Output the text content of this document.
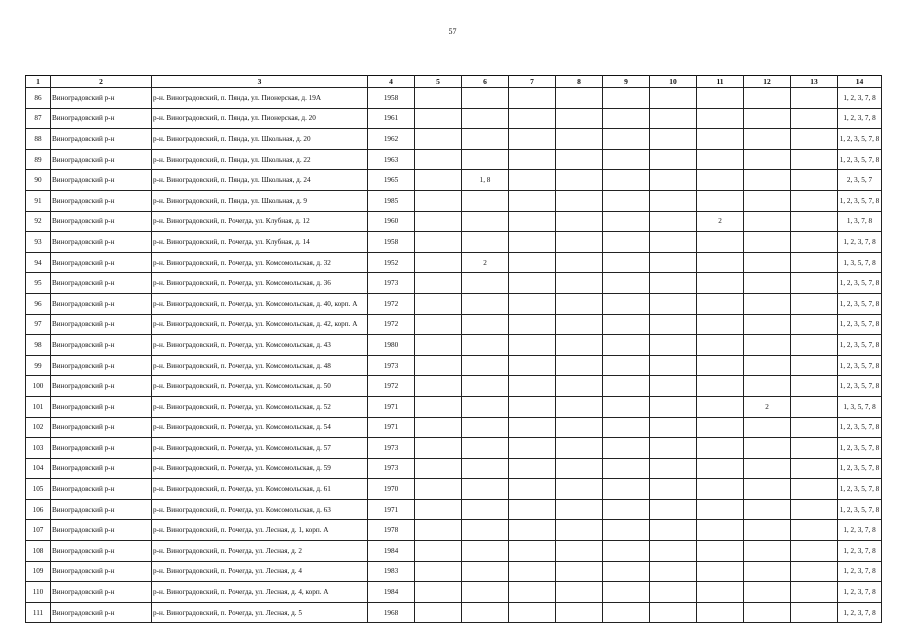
57
1	2	3	4	5	6	7	8	9	10	11	12	13	14
86	Виноградовский р-н	р-н. Виноградовский, п. Пянда, ул. Пионерская, д. 19А	1958										1, 2, 3, 7, 8
87	Виноградовский р-н	р-н. Виноградовский, п. Пянда, ул. Пионерская, д. 20	1961										1, 2, 3, 7, 8
88	Виноградовский р-н	р-н. Виноградовский, п. Пянда, ул. Школьная, д. 20	1962										1, 2, 3, 5, 7, 8
89	Виноградовский р-н	р-н. Виноградовский, п. Пянда, ул. Школьная, д. 22	1963										1, 2, 3, 5, 7, 8
90	Виноградовский р-н	р-н. Виноградовский, п. Пянда, ул. Школьная, д. 24	1965		1, 8								2, 3, 5, 7
91	Виноградовский р-н	р-н. Виноградовский, п. Пянда, ул. Школьная, д. 9	1985										1, 2, 3, 5, 7, 8
92	Виноградовский р-н	р-н. Виноградовский, п. Рочегда, ул. Клубная, д. 12	1960							2			1, 3, 7, 8
93	Виноградовский р-н	р-н. Виноградовский, п. Рочегда, ул. Клубная, д. 14	1958										1, 2, 3, 7, 8
94	Виноградовский р-н	р-н. Виноградовский, п. Рочегда, ул. Комсомольская, д. 32	1952		2								1, 3, 5, 7, 8
95	Виноградовский р-н	р-н. Виноградовский, п. Рочегда, ул. Комсомольская, д. 36	1973										1, 2, 3, 5, 7, 8
96	Виноградовский р-н	р-н. Виноградовский, п. Рочегда, ул. Комсомольская, д. 40, корп. А	1972										1, 2, 3, 5, 7, 8
97	Виноградовский р-н	р-н. Виноградовский, п. Рочегда, ул. Комсомольская, д. 42, корп. А	1972										1, 2, 3, 5, 7, 8
98	Виноградовский р-н	р-н. Виноградовский, п. Рочегда, ул. Комсомольская, д. 43	1980										1, 2, 3, 5, 7, 8
99	Виноградовский р-н	р-н. Виноградовский, п. Рочегда, ул. Комсомольская, д. 48	1973										1, 2, 3, 5, 7, 8
100	Виноградовский р-н	р-н. Виноградовский, п. Рочегда, ул. Комсомольская, д. 50	1972										1, 2, 3, 5, 7, 8
101	Виноградовский р-н	р-н. Виноградовский, п. Рочегда, ул. Комсомольская, д. 52	1971								2		1, 3, 5, 7, 8
102	Виноградовский р-н	р-н. Виноградовский, п. Рочегда, ул. Комсомольская, д. 54	1971										1, 2, 3, 5, 7, 8
103	Виноградовский р-н	р-н. Виноградовский, п. Рочегда, ул. Комсомольская, д. 57	1973										1, 2, 3, 5, 7, 8
104	Виноградовский р-н	р-н. Виноградовский, п. Рочегда, ул. Комсомольская, д. 59	1973										1, 2, 3, 5, 7, 8
105	Виноградовский р-н	р-н. Виноградовский, п. Рочегда, ул. Комсомольская, д. 61	1970										1, 2, 3, 5, 7, 8
106	Виноградовский р-н	р-н. Виноградовский, п. Рочегда, ул. Комсомольская, д. 63	1971										1, 2, 3, 5, 7, 8
107	Виноградовский р-н	р-н. Виноградовский, п. Рочегда, ул. Лесная, д. 1, корп. А	1978										1, 2, 3, 7, 8
108	Виноградовский р-н	р-н. Виноградовский, п. Рочегда, ул. Лесная, д. 2	1984										1, 2, 3, 7, 8
109	Виноградовский р-н	р-н. Виноградовский, п. Рочегда, ул. Лесная, д. 4	1983										1, 2, 3, 7, 8
110	Виноградовский р-н	р-н. Виноградовский, п. Рочегда, ул. Лесная, д. 4, корп. А	1984										1, 2, 3, 7, 8
111	Виноградовский р-н	р-н. Виноградовский, п. Рочегда, ул. Лесная, д. 5	1968										1, 2, 3, 7, 8
